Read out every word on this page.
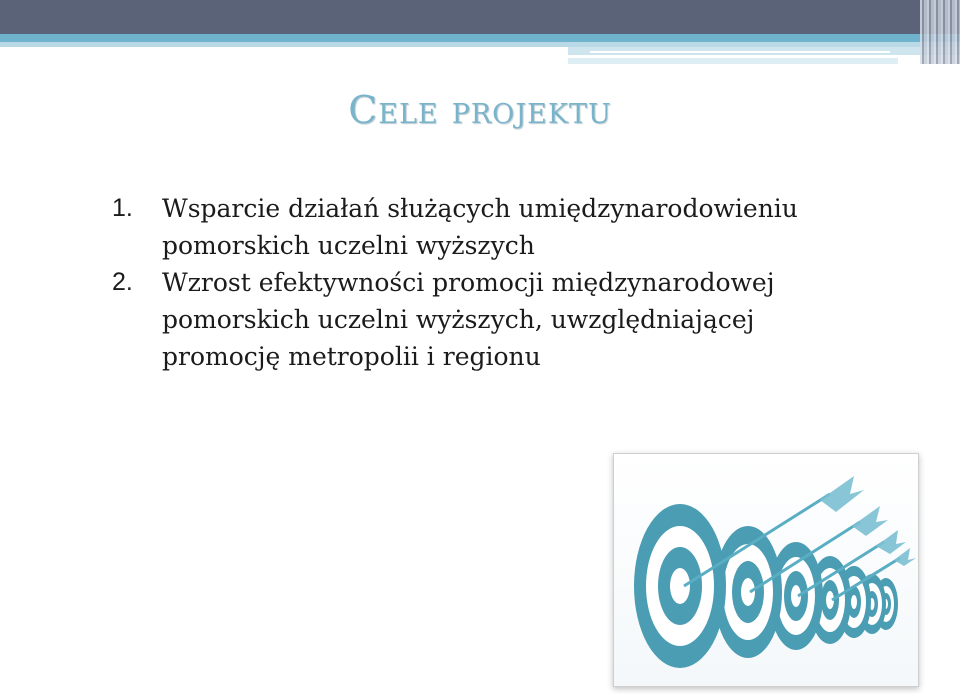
Cele projektu
1.	Wsparcie działań służących umiędzynarodowieniu pomorskich uczelni wyższych
2.	Wzrost efektywności promocji międzynarodowej pomorskich uczelni wyższych, uwzględniającej promocję metropolii i regionu
